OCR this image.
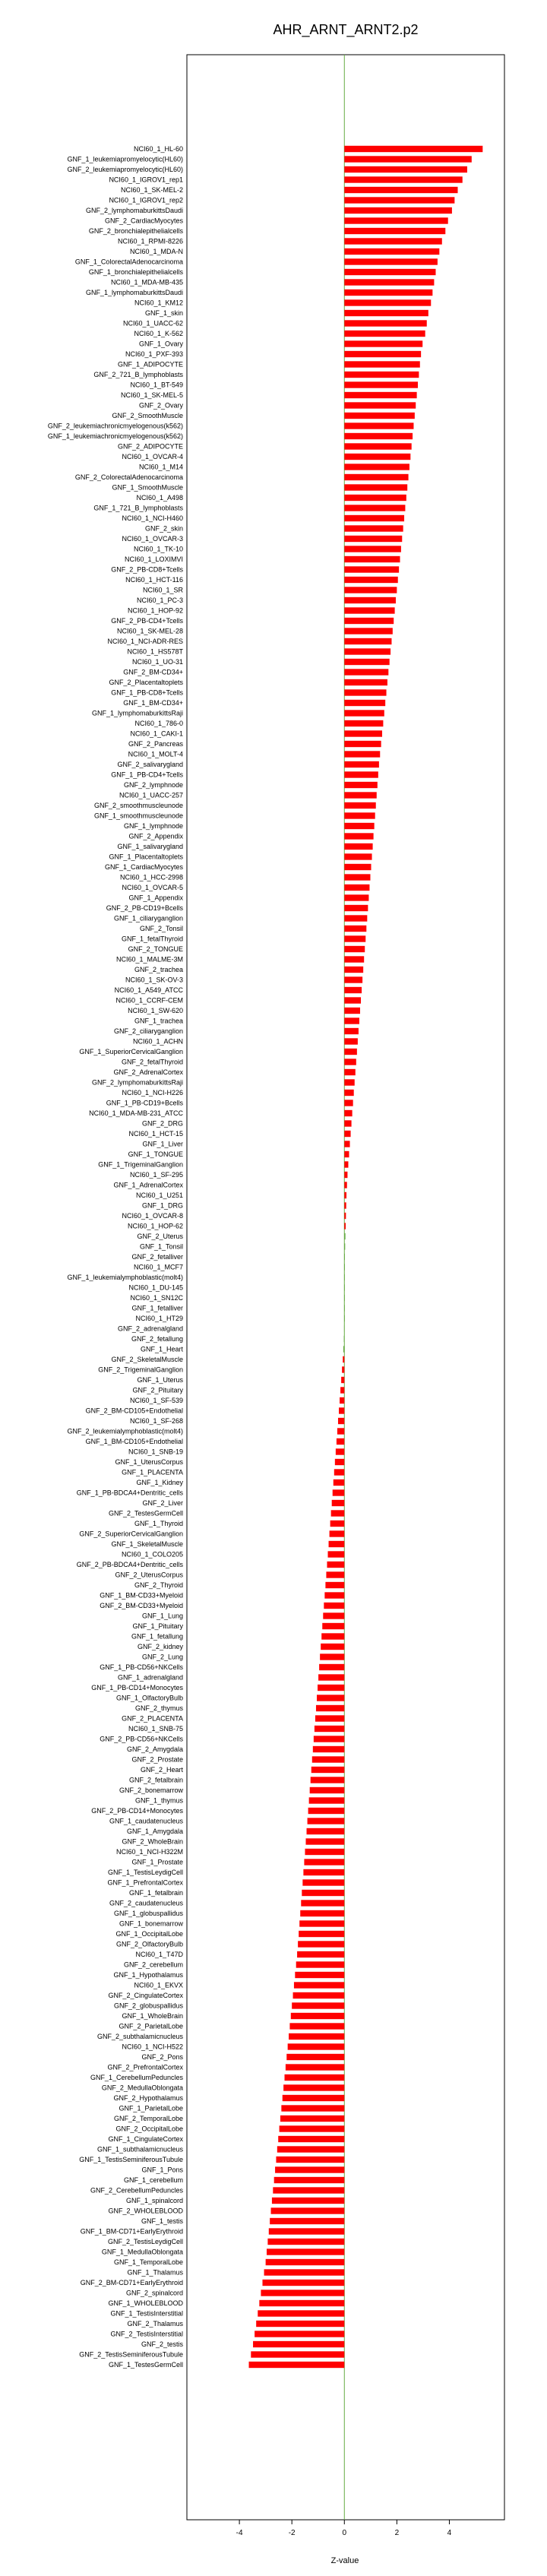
AHR_ARNT_ARNT2.p2
NCI60_1_HL-60
GNF_1_leukemiapromyelocytic(HL60)
GNF_2_leukemiapromyelocytic(HL60)
NCI60_1_IGROV1_rep1
NCI60_1_SK-MEL-2
NCI60_1_IGROV1_rep2
GNF_2_lymphomaburkittsDaudi
GNF_2_CardiacMyocytes
GNF_2_bronchialepithelialcells
NCI60_1_RPMI-8226
NCI60_1_MDA-N
GNF_1_ColorectalAdenocarcinoma
GNF_1_bronchialepithelialcells
NCI60_1_MDA-MB-435
GNF_1_lymphomaburkittsDaudi
NCI60_1_KM12
GNF_1_skin
NCI60_1_UACC-62
NCI60_1_K-562
GNF_1_Ovary
NCI60_1_PXF-393
GNF_1_ADIPOCYTE
GNF_2_721_B_lymphoblasts
NCI60_1_BT-549
NCI60_1_SK-MEL-5
GNF_2_Ovary
GNF_2_SmoothMuscle
GNF_2_leukemiachronicmyelogenous(k562)
GNF_1_leukemiachronicmyelogenous(k562)
GNF_2_ADIPOCYTE
NCI60_1_OVCAR-4
NCI60_1_M14
GNF_2_ColorectalAdenocarcinoma
GNF_1_SmoothMuscle
NCI60_1_A498
GNF_1_721_B_lymphoblasts
NCI60_1_NCI-H460
GNF_2_skin
NCI60_1_OVCAR-3
NCI60_1_TK-10
NCI60_1_LOXIMVI
GNF_2_PB-CD8+Tcells
NCI60_1_HCT-116
NCI60_1_SR
NCI60_1_PC-3
NCI60_1_HOP-92
GNF_2_PB-CD4+Tcells
NCI60_1_SK-MEL-28
NCI60_1_NCI-ADR-RES
NCI60_1_HS578T
NCI60_1_UO-31
GNF_2_BM-CD34+
GNF_2_Placentaltoplets
GNF_1_PB-CD8+Tcells
GNF_1_BM-CD34+
GNF_1_lymphomaburkittsRaji
NCI60_1_786-0
NCI60_1_CAKI-1
GNF_2_Pancreas
NCI60_1_MOLT-4
GNF_2_salivarygland
GNF_1_PB-CD4+Tcells
GNF_2_lymphnode
NCI60_1_UACC-257
GNF_2_smoothmuscleunode
GNF_1_smoothmuscleunode
GNF_1_lymphnode
GNF_2_Appendix
GNF_1_salivarygland
GNF_1_Placentaltoplets
GNF_1_CardiacMyocytes
NCI60_1_HCC-2998
NCI60_1_OVCAR-5
GNF_1_Appendix
GNF_2_PB-CD19+Bcells
GNF_1_ciliaryganglion
GNF_2_Tonsil
GNF_1_fetalThyroid
GNF_2_TONGUE
NCI60_1_MALME-3M
GNF_2_trachea
NCI60_1_SK-OV-3
NCI60_1_A549_ATCC
NCI60_1_CCRF-CEM
NCI60_1_SW-620
GNF_1_trachea
GNF_2_ciliaryganglion
NCI60_1_ACHN
GNF_1_SuperiorCervicalGanglion
GNF_2_fetalThyroid
GNF_2_AdrenalCortex
GNF_2_lymphomaburkittsRaji
NCI60_1_NCI-H226
GNF_1_PB-CD19+Bcells
NCI60_1_MDA-MB-231_ATCC
GNF_2_DRG
NCI60_1_HCT-15
GNF_1_Liver
GNF_1_TONGUE
GNF_1_TrigeminalGanglion
NCI60_1_SF-295
GNF_1_AdrenalCortex
NCI60_1_U251
GNF_1_DRG
NCI60_1_OVCAR-8
NCI60_1_HOP-62
GNF_2_Uterus
GNF_1_Tonsil
GNF_2_fetalliver
NCI60_1_MCF7
GNF_1_leukemialymphoblastic(molt4)
NCI60_1_DU-145
NCI60_1_SN12C
GNF_1_fetalliver
NCI60_1_HT29
GNF_2_adrenalgland
GNF_2_fetallung
GNF_1_Heart
GNF_2_SkeletalMuscle
GNF_2_TrigeminalGanglion
GNF_1_Uterus
GNF_2_Pituitary
NCI60_1_SF-539
GNF_2_BM-CD105+Endothelial
NCI60_1_SF-268
GNF_2_leukemialymphoblastic(molt4)
GNF_1_BM-CD105+Endothelial
NCI60_1_SNB-19
GNF_1_UterusCorpus
GNF_1_PLACENTA
GNF_1_Kidney
GNF_1_PB-BDCA4+Dentritic_cells
GNF_2_Liver
GNF_2_TestesGermCell
GNF_1_Thyroid
GNF_2_SuperiorCervicalGanglion
GNF_1_SkeletalMuscle
NCI60_1_COLO205
GNF_2_PB-BDCA4+Dentritic_cells
GNF_2_UterusCorpus
GNF_2_Thyroid
GNF_1_BM-CD33+Myeloid
GNF_2_BM-CD33+Myeloid
GNF_1_Lung
GNF_1_Pituitary
GNF_1_fetallung
GNF_2_kidney
GNF_2_Lung
GNF_1_PB-CD56+NKCells
GNF_1_adrenalgland
GNF_1_PB-CD14+Monocytes
GNF_1_OlfactoryBulb
GNF_2_thymus
GNF_2_PLACENTA
NCI60_1_SNB-75
GNF_2_PB-CD56+NKCells
GNF_2_Amygdala
GNF_2_Prostate
GNF_2_Heart
GNF_2_fetalbrain
GNF_2_bonemarrow
GNF_1_thymus
GNF_2_PB-CD14+Monocytes
GNF_1_caudatenucleus
GNF_1_Amygdala
GNF_2_WholeBrain
NCI60_1_NCI-H322M
GNF_1_Prostate
GNF_1_TestisLeydigCell
GNF_1_PrefrontalCortex
GNF_1_fetalbrain
GNF_2_caudatenucleus
GNF_1_globuspallidus
GNF_1_bonemarrow
GNF_1_OccipitalLobe
GNF_2_OlfactoryBulb
NCI60_1_T47D
GNF_2_cerebellum
GNF_1_Hypothalamus
NCI60_1_EKVX
GNF_2_CingulateCortex
GNF_2_globuspallidus
GNF_1_WholeBrain
GNF_2_ParietalLobe
GNF_2_subthalamicnucleus
NCI60_1_NCI-H522
GNF_2_Pons
GNF_2_PrefrontalCortex
GNF_1_CerebellumPeduncles
GNF_2_MedullaOblongata
GNF_2_Hypothalamus
GNF_1_ParietalLobe
GNF_2_TemporalLobe
GNF_2_OccipitalLobe
GNF_1_CingulateCortex
GNF_1_subthalamicnucleus
GNF_1_TestisSeminiferousTubule
GNF_1_Pons
GNF_1_cerebellum
GNF_2_CerebellumPeduncles
GNF_1_spinalcord
GNF_2_WHOLEBLOOD
GNF_1_testis
GNF_1_BM-CD71+EarlyErythroid
GNF_2_TestisLeydigCell
GNF_1_MedullaOblongata
GNF_1_TemporalLobe
GNF_1_Thalamus
GNF_2_BM-CD71+EarlyErythroid
GNF_2_spinalcord
GNF_1_WHOLEBLOOD
GNF_1_TestisInterstitial
GNF_2_Thalamus
GNF_2_TestisInterstitial
GNF_2_testis
GNF_2_TestisSeminiferousTubule
GNF_1_TestesGermCell
-4	-2	0	2	4
Z-value
